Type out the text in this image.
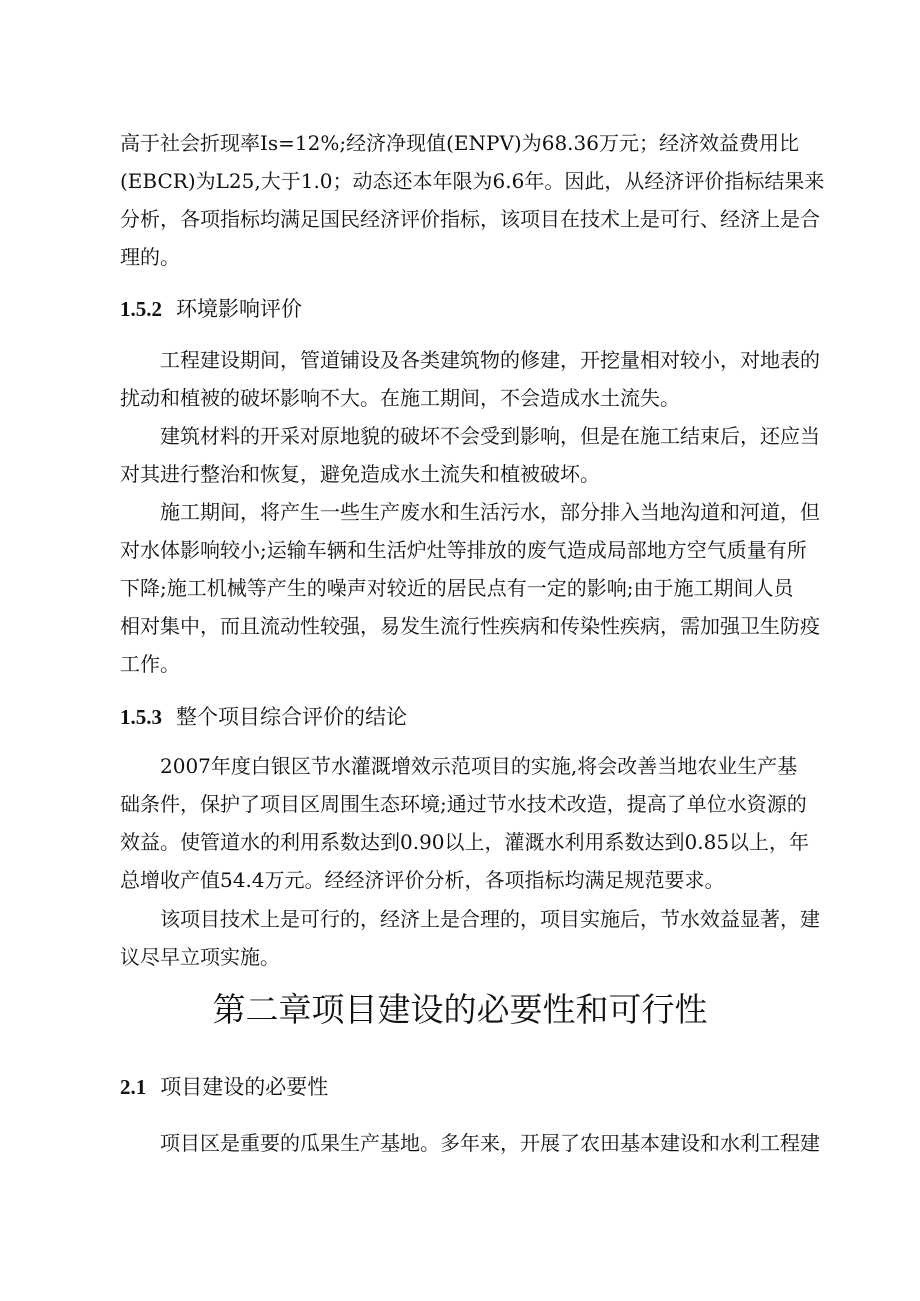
高于社会折现率Is=12%;经济净现值(ENPV)为68.36万元；经济效益费用比
(EBCR)为L25,大于1.0；动态还本年限为6.6年。因此，从经济评价指标结果来
分析，各项指标均满足国民经济评价指标，该项目在技术上是可行、经济上是合
理的。

1.5.2 环境影响评价

　　工程建设期间，管道铺设及各类建筑物的修建，开挖量相对较小，对地表的
扰动和植被的破坏影响不大。在施工期间，不会造成水土流失。

　　建筑材料的开采对原地貌的破坏不会受到影响，但是在施工结束后，还应当
对其进行整治和恢复，避免造成水土流失和植被破坏。

　　施工期间，将产生一些生产废水和生活污水，部分排入当地沟道和河道，但
对水体影响较小;运输车辆和生活炉灶等排放的废气造成局部地方空气质量有所
下降;施工机械等产生的噪声对较近的居民点有一定的影响;由于施工期间人员
相对集中，而且流动性较强，易发生流行性疾病和传染性疾病，需加强卫生防疫
工作。

1.5.3 整个项目综合评价的结论

　　2007年度白银区节水灌溉增效示范项目的实施,将会改善当地农业生产基
础条件，保护了项目区周围生态环境;通过节水技术改造，提高了单位水资源的
效益。使管道水的利用系数达到0.90以上，灌溉水利用系数达到0.85以上，年
总增收产值54.4万元。经经济评价分析，各项指标均满足规范要求。

　　该项目技术上是可行的，经济上是合理的，项目实施后，节水效益显著，建
议尽早立项实施。

第二章项目建设的必要性和可行性
2.1 项目建设的必要性

　　项目区是重要的瓜果生产基地。多年来，开展了农田基本建设和水利工程建
